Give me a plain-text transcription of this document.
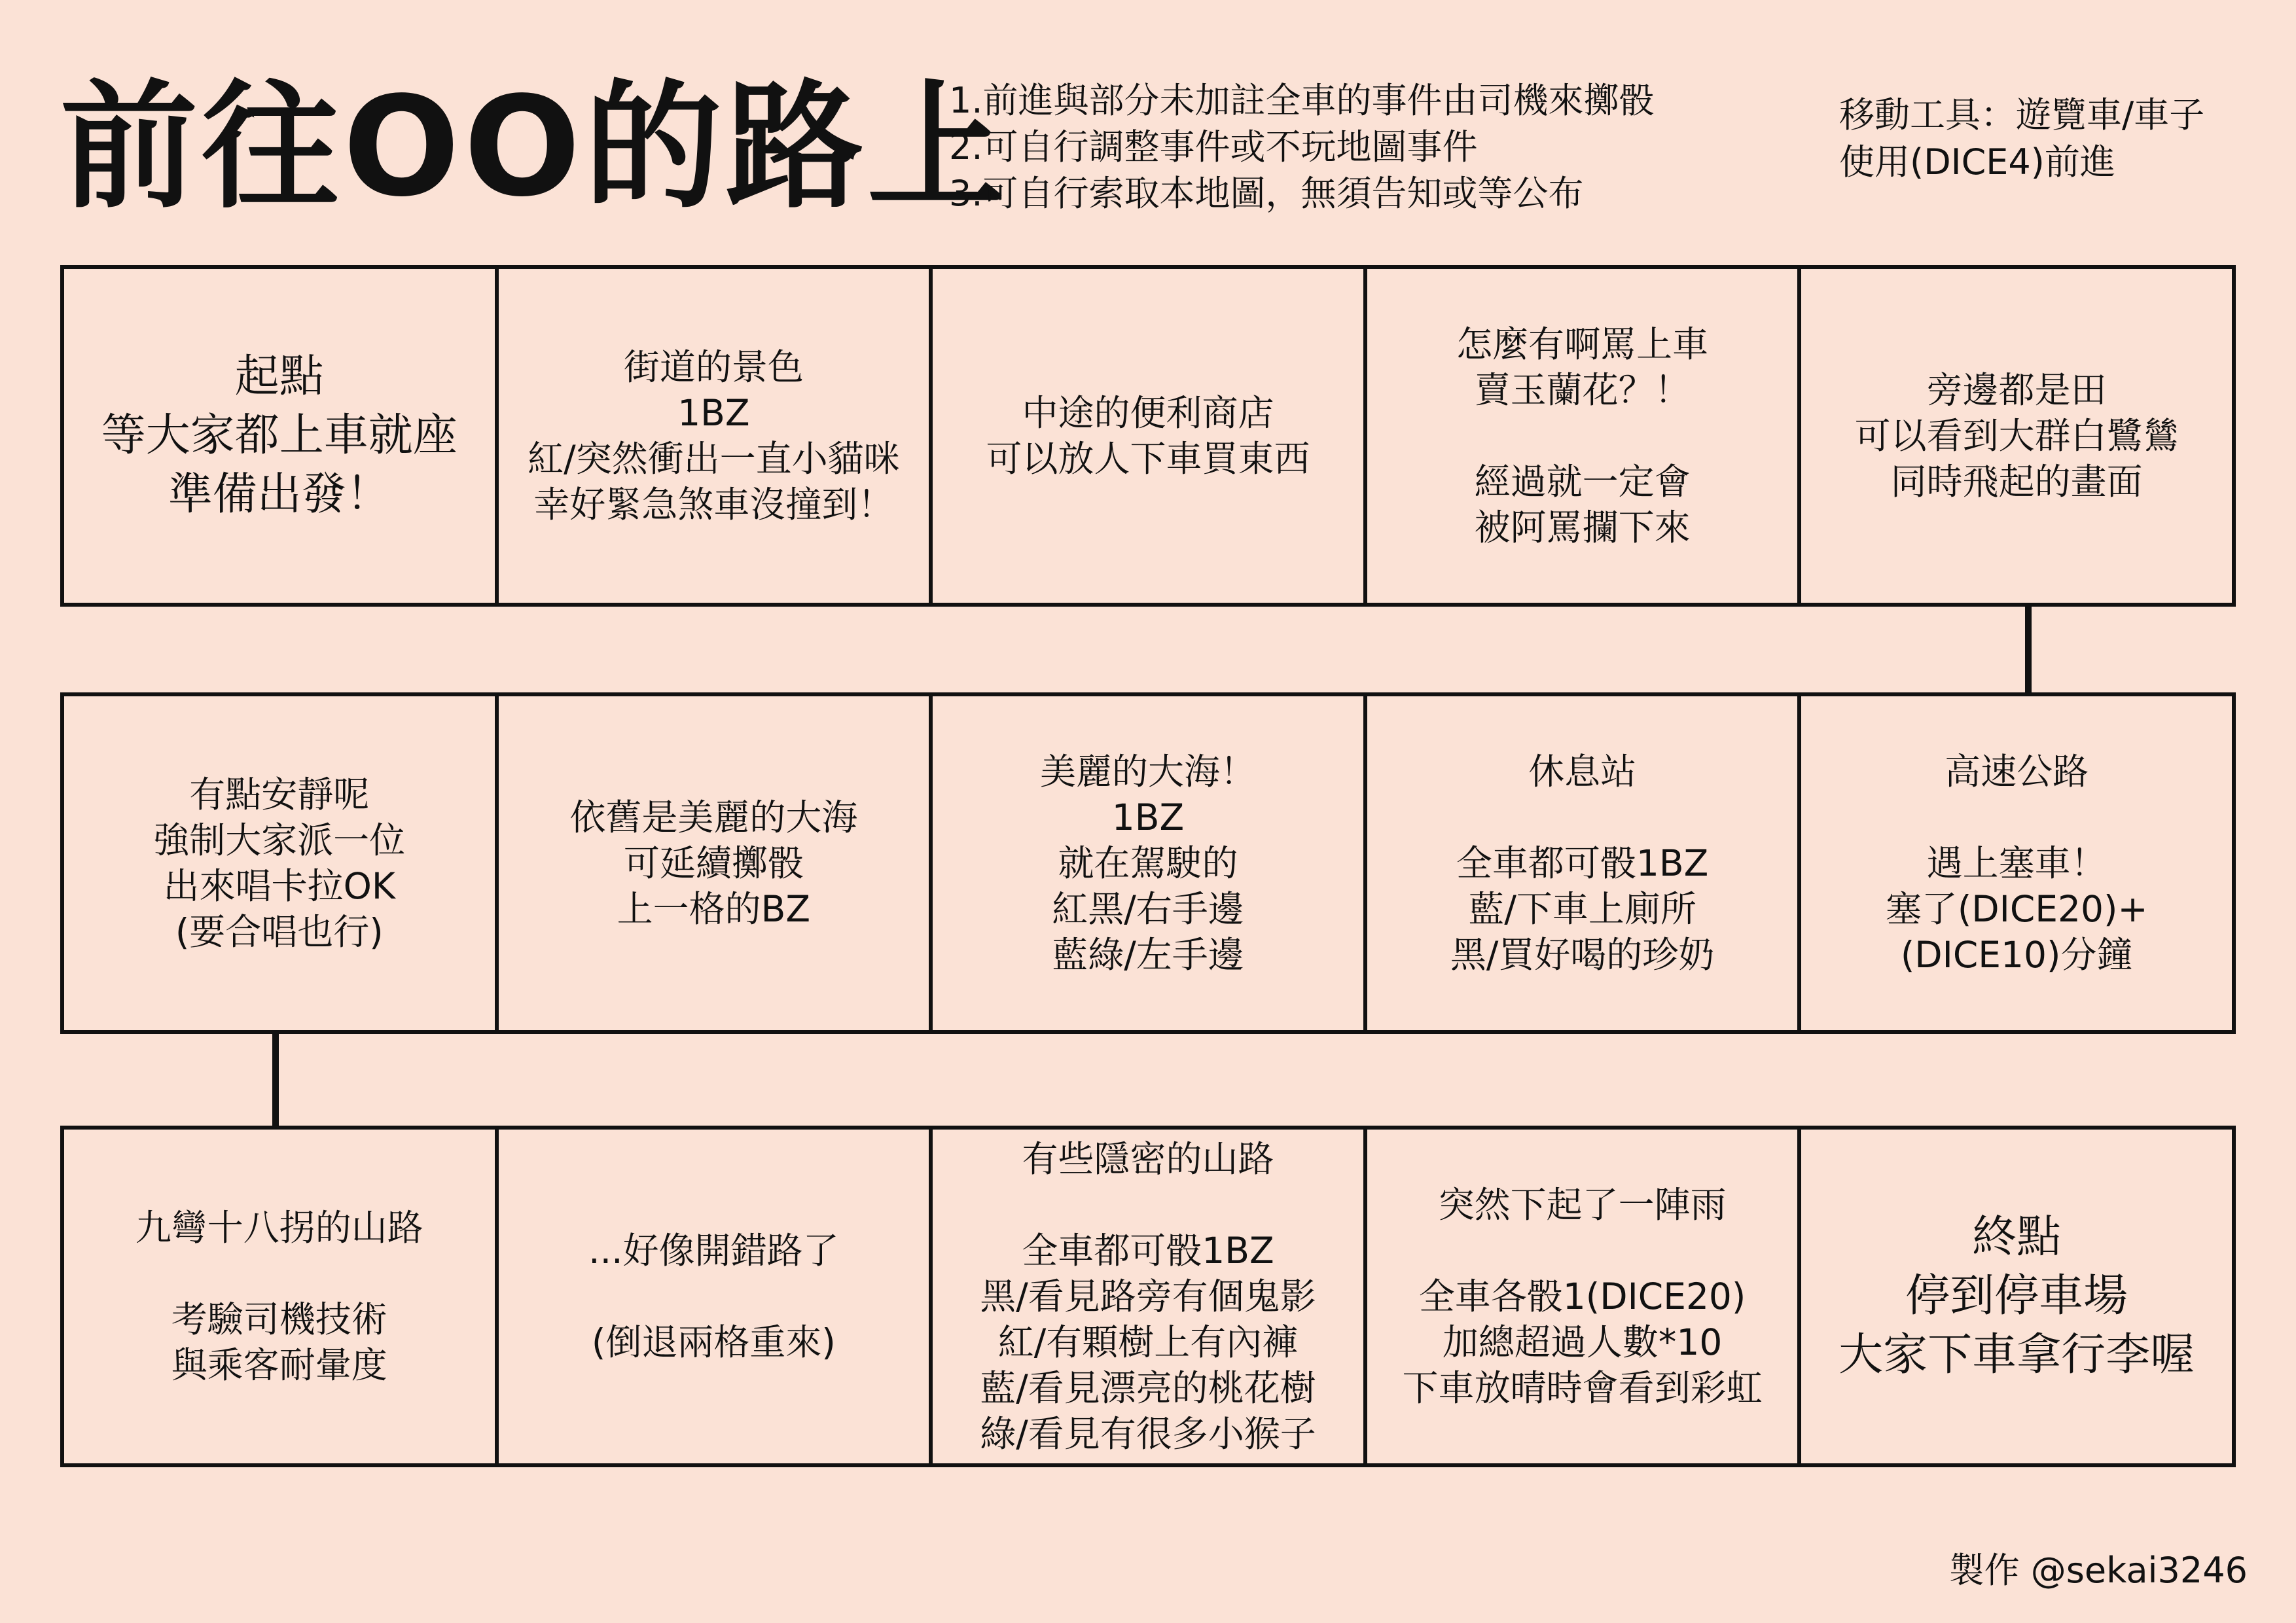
前往OO的路上
1.前進與部分未加註全車的事件由司機來擲骰
2.可自行調整事件或不玩地圖事件
3.可自行索取本地圖，無須告知或等公布
移動工具：遊覽車/車子
使用(DICE4)前進
起點
等大家都上車就座
準備出發！
街道的景色
1BZ
紅/突然衝出一直小貓咪
幸好緊急煞車沒撞到！
中途的便利商店
可以放人下車買東西
怎麼有啊罵上車
賣玉蘭花？！
經過就一定會
被阿罵攔下來
旁邊都是田
可以看到大群白鷺鷥
同時飛起的畫面
有點安靜呢
強制大家派一位
出來唱卡拉OK
(要合唱也行)
依舊是美麗的大海
可延續擲骰
上一格的BZ
美麗的大海！
1BZ
就在駕駛的
紅黑/右手邊
藍綠/左手邊
休息站
全車都可骰1BZ
藍/下車上廁所
黑/買好喝的珍奶
高速公路
遇上塞車！
塞了(DICE20)+
(DICE10)分鐘
九彎十八拐的山路
考驗司機技術
與乘客耐暈度
...好像開錯路了
(倒退兩格重來)
有些隱密的山路
全車都可骰1BZ
黑/看見路旁有個鬼影
紅/有顆樹上有內褲
藍/看見漂亮的桃花樹
綠/看見有很多小猴子
突然下起了一陣雨
全車各骰1(DICE20)
加總超過人數*10
下車放晴時會看到彩虹
終點
停到停車場
大家下車拿行李喔
製作 @sekai3246
